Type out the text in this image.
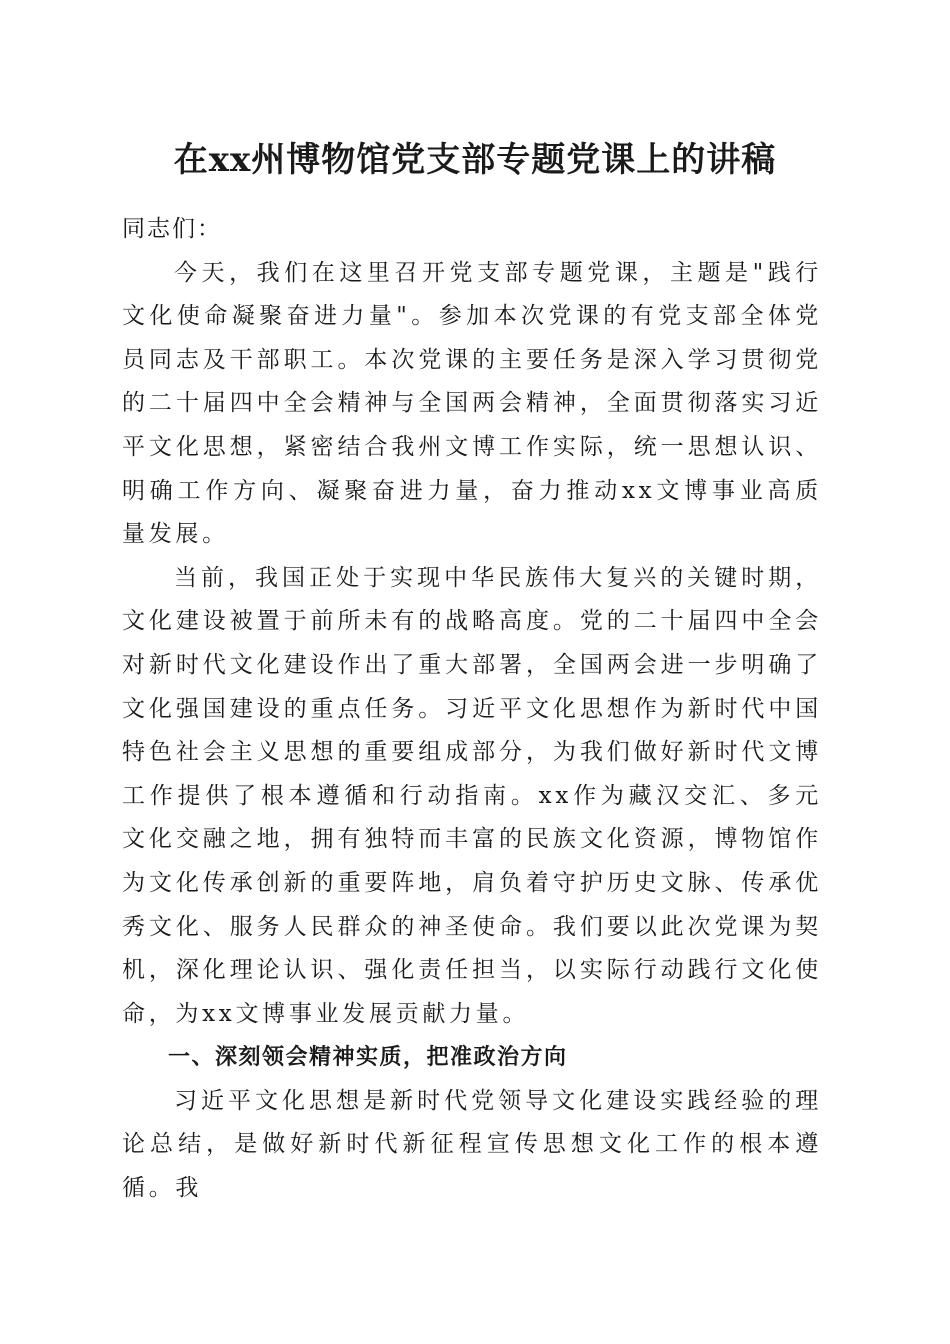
在xx州博物馆党支部专题党课上的讲稿

同志们：

今天，我们在这里召开党支部专题党课，主题是"践行文化使命凝聚奋进力量"。参加本次党课的有党支部全体党员同志及干部职工。本次党课的主要任务是深入学习贯彻党的二十届四中全会精神与全国两会精神，全面贯彻落实习近平文化思想，紧密结合我州文博工作实际，统一思想认识、明确工作方向、凝聚奋进力量，奋力推动xx文博事业高质量发展。

当前，我国正处于实现中华民族伟大复兴的关键时期，文化建设被置于前所未有的战略高度。党的二十届四中全会对新时代文化建设作出了重大部署，全国两会进一步明确了文化强国建设的重点任务。习近平文化思想作为新时代中国特色社会主义思想的重要组成部分，为我们做好新时代文博工作提供了根本遵循和行动指南。xx作为藏汉交汇、多元文化交融之地，拥有独特而丰富的民族文化资源，博物馆作为文化传承创新的重要阵地，肩负着守护历史文脉、传承优秀文化、服务人民群众的神圣使命。我们要以此次党课为契机，深化理论认识、强化责任担当，以实际行动践行文化使命，为xx文博事业发展贡献力量。

一、深刻领会精神实质，把准政治方向

习近平文化思想是新时代党领导文化建设实践经验的理论总结，是做好新时代新征程宣传思想文化工作的根本遵循。我
